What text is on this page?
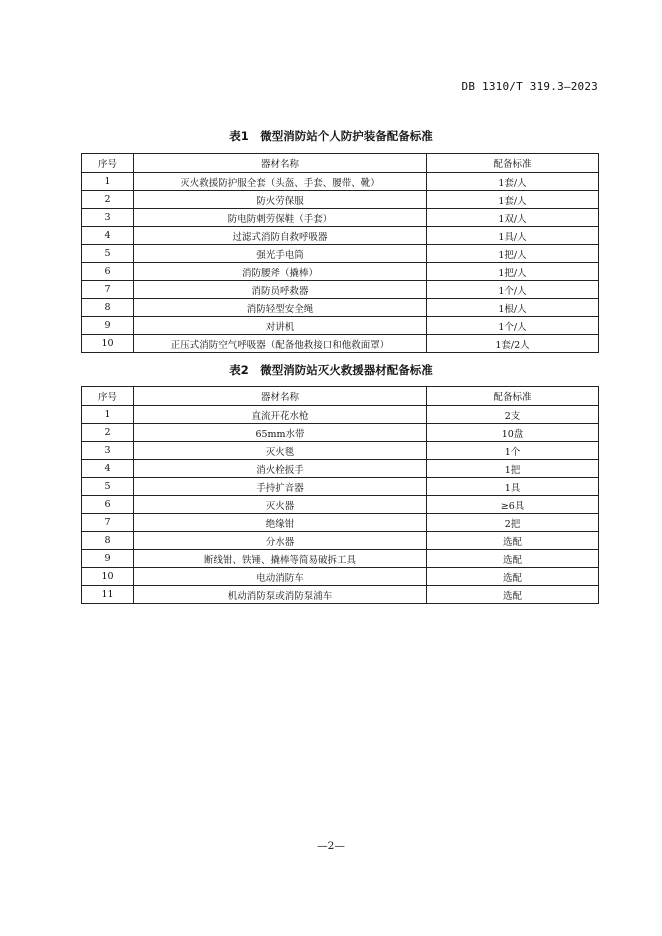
DB 1310/T 319.3—2023
表1　微型消防站个人防护装备配备标准
序号	器材名称	配备标准
1	灭火救援防护服全套（头盔、手套、腰带、靴）	1套/人
2	防火劳保服	1套/人
3	防电防刺劳保鞋（手套）	1双/人
4	过滤式消防自救呼吸器	1具/人
5	强光手电筒	1把/人
6	消防腰斧（撬棒）	1把/人
7	消防员呼救器	1个/人
8	消防轻型安全绳	1根/人
9	对讲机	1个/人
10	正压式消防空气呼吸器（配备他救接口和他救面罩）	1套/2人
表2　微型消防站灭火救援器材配备标准
序号	器材名称	配备标准
1	直流开花水枪	2支
2	65mm水带	10盘
3	灭火毯	1个
4	消火栓扳手	1把
5	手持扩音器	1具
6	灭火器	≥6具
7	绝缘钳	2把
8	分水器	选配
9	断线钳、铁锤、撬棒等简易破拆工具	选配
10	电动消防车	选配
11	机动消防泵或消防泵浦车	选配
—2—
